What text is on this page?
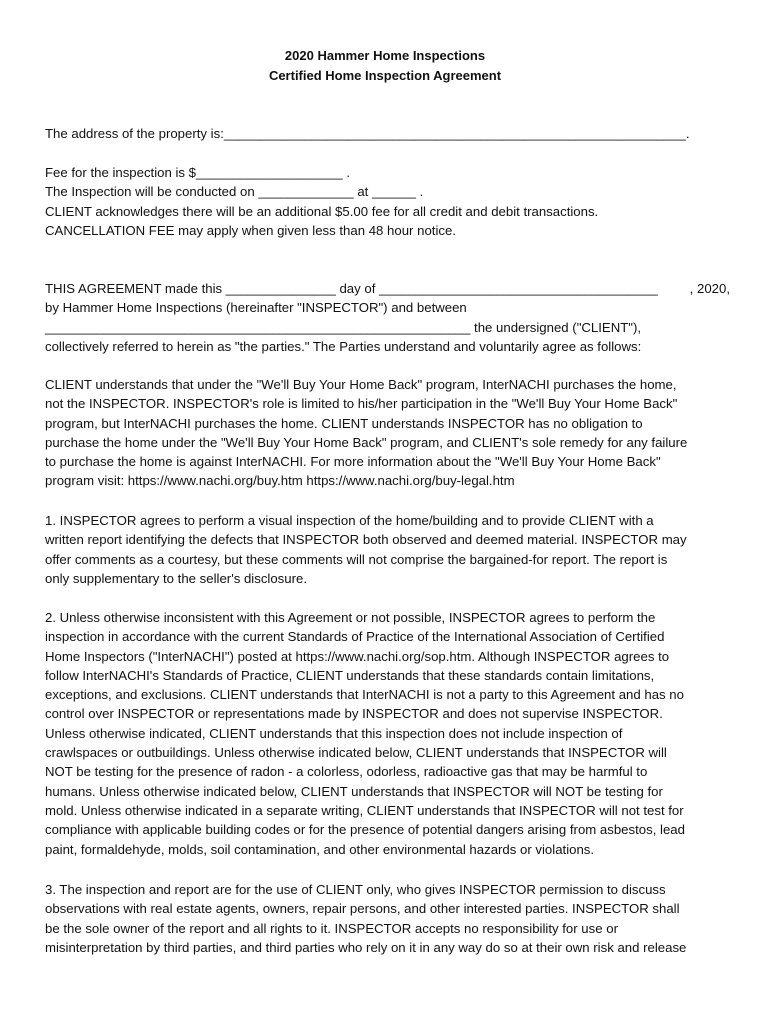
2020 Hammer Home Inspections
Certified Home Inspection Agreement
The address of the property is:_______________________________________________________________.
Fee for the inspection is $____________________ .
The Inspection will be conducted on _____________ at ______ .
CLIENT acknowledges there will be an additional $5.00 fee for all credit and debit transactions.
CANCELLATION FEE may apply when given less than 48 hour notice.
THIS AGREEMENT made this _______________ day of ______________________________________ , 2020,
by Hammer Home Inspections (hereinafter "INSPECTOR") and between
__________________________________________________________ the undersigned ("CLIENT"),
collectively referred to herein as "the parties." The Parties understand and voluntarily agree as follows:
CLIENT understands that under the "We'll Buy Your Home Back" program, InterNACHI purchases the home,
not the INSPECTOR. INSPECTOR's role is limited to his/her participation in the "We'll Buy Your Home Back"
program, but InterNACHI purchases the home. CLIENT understands INSPECTOR has no obligation to
purchase the home under the "We'll Buy Your Home Back" program, and CLIENT's sole remedy for any failure
to purchase the home is against InterNACHI. For more information about the "We'll Buy Your Home Back"
program visit: https://www.nachi.org/buy.htm https://www.nachi.org/buy-legal.htm
1. INSPECTOR agrees to perform a visual inspection of the home/building and to provide CLIENT with a
written report identifying the defects that INSPECTOR both observed and deemed material. INSPECTOR may
offer comments as a courtesy, but these comments will not comprise the bargained-for report. The report is
only supplementary to the seller's disclosure.
2. Unless otherwise inconsistent with this Agreement or not possible, INSPECTOR agrees to perform the
inspection in accordance with the current Standards of Practice of the International Association of Certified
Home Inspectors ("InterNACHI") posted at https://www.nachi.org/sop.htm. Although INSPECTOR agrees to
follow InterNACHI's Standards of Practice, CLIENT understands that these standards contain limitations,
exceptions, and exclusions. CLIENT understands that InterNACHI is not a party to this Agreement and has no
control over INSPECTOR or representations made by INSPECTOR and does not supervise INSPECTOR.
Unless otherwise indicated, CLIENT understands that this inspection does not include inspection of
crawlspaces or outbuildings. Unless otherwise indicated below, CLIENT understands that INSPECTOR will
NOT be testing for the presence of radon - a colorless, odorless, radioactive gas that may be harmful to
humans. Unless otherwise indicated below, CLIENT understands that INSPECTOR will NOT be testing for
mold. Unless otherwise indicated in a separate writing, CLIENT understands that INSPECTOR will not test for
compliance with applicable building codes or for the presence of potential dangers arising from asbestos, lead
paint, formaldehyde, molds, soil contamination, and other environmental hazards or violations.
3. The inspection and report are for the use of CLIENT only, who gives INSPECTOR permission to discuss
observations with real estate agents, owners, repair persons, and other interested parties. INSPECTOR shall
be the sole owner of the report and all rights to it. INSPECTOR accepts no responsibility for use or
misinterpretation by third parties, and third parties who rely on it in any way do so at their own risk and release
